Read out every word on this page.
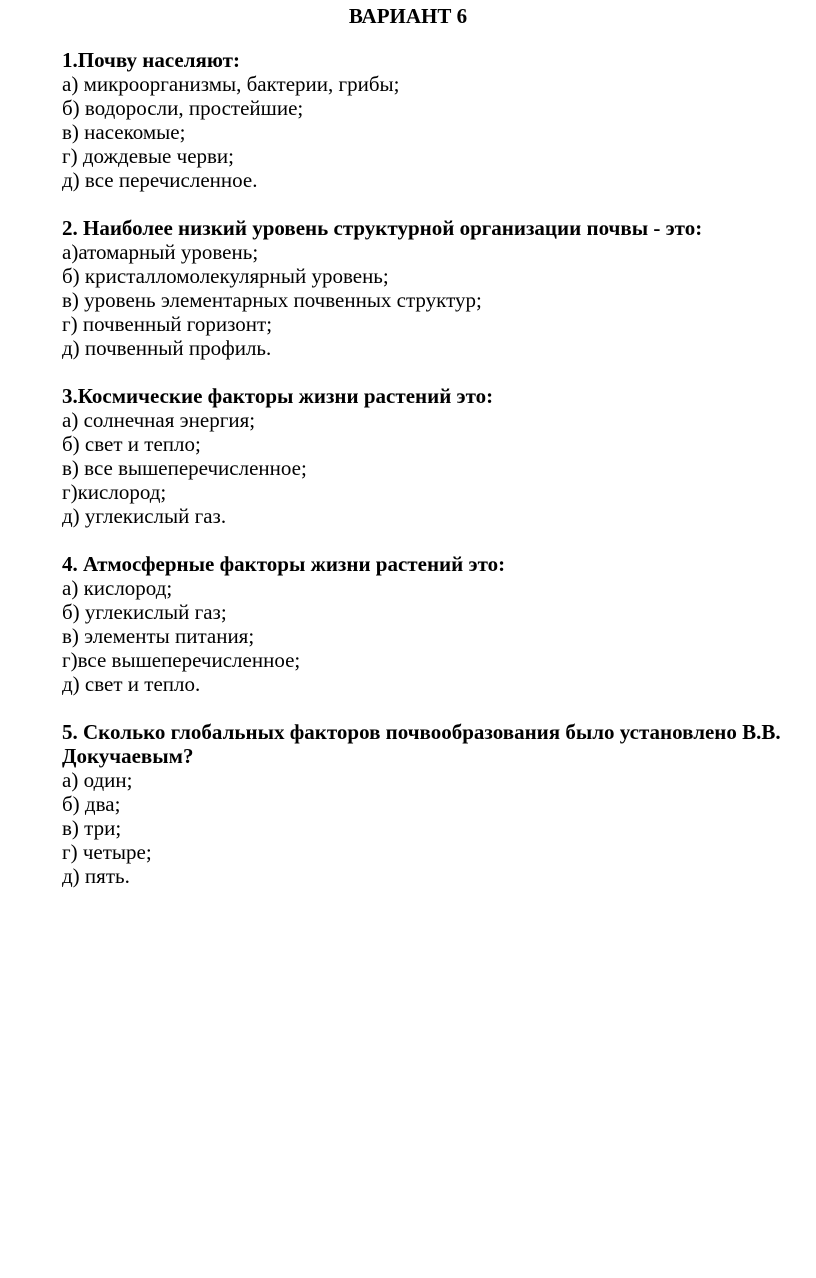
ВАРИАНТ 6

1.Почву населяют:

а) микроорганизмы, бактерии, грибы;
б) водоросли, простейшие;
в) насекомые;
г) дождевые черви;
д) все перечисленное.

2. Наиболее низкий уровень структурной организации почвы - это:

а)атомарный уровень;
б) кристалломолекулярный уровень;
в) уровень элементарных почвенных структур;
г) почвенный горизонт;
д) почвенный профиль.

3.Космические факторы жизни растений это:

а) солнечная энергия;
б) свет и тепло;
в) все вышеперечисленное;
г)кислород;
д) углекислый газ.

4. Атмосферные факторы жизни растений это:

а) кислород;
б) углекислый газ;
в) элементы питания;
г)все вышеперечисленное;
д) свет и тепло.

5. Сколько глобальных факторов почвообразования было установлено В.В. Докучаевым?

а) один;
б) два;
в) три;
г) четыре;
д) пять.
